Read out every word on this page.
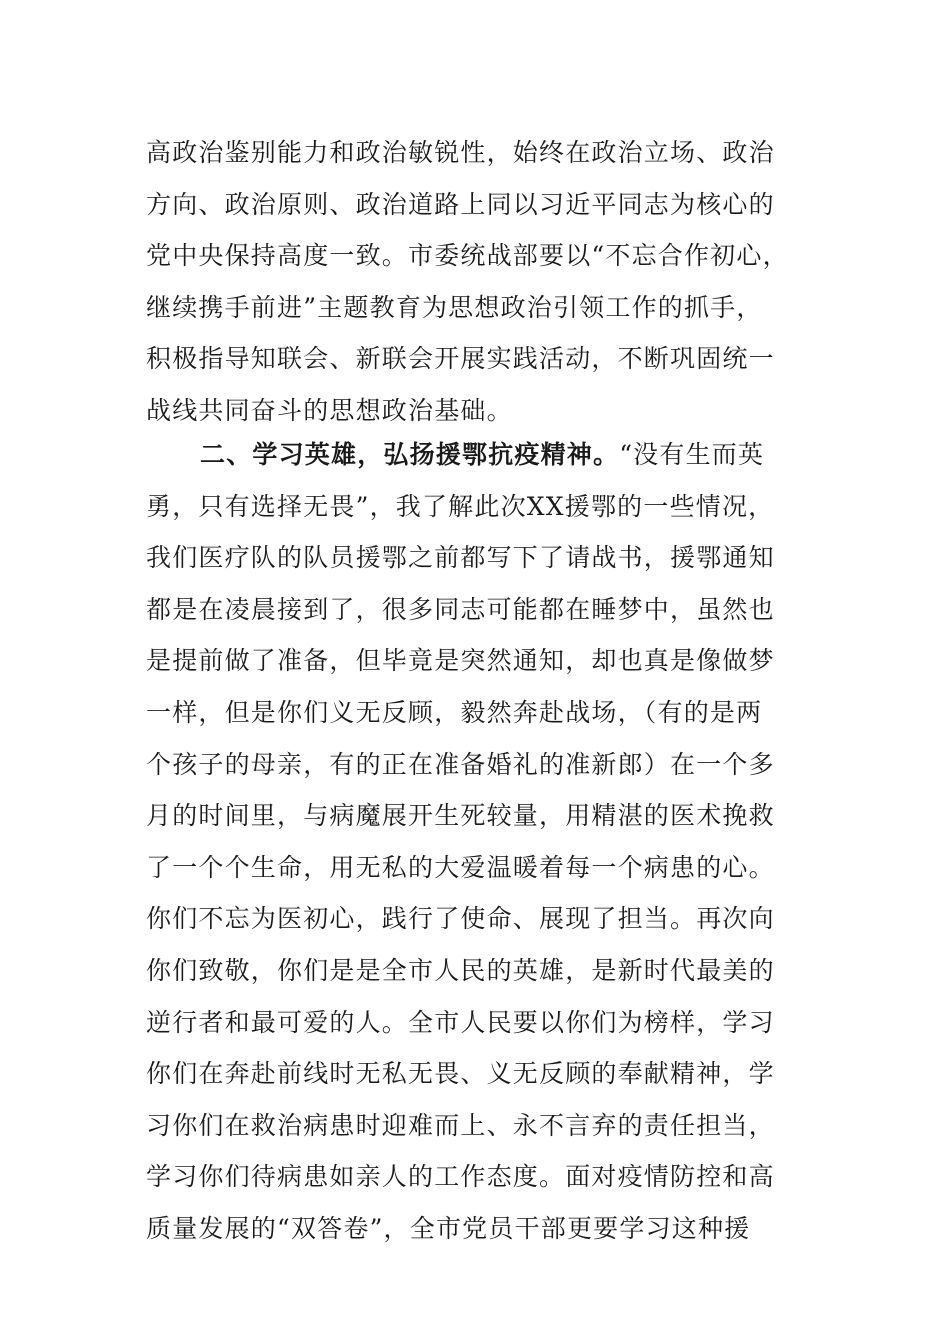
高政治鉴别能力和政治敏锐性，始终在政治立场、政治
方向、政治原则、政治道路上同以习近平同志为核心的
党中央保持高度一致。市委统战部要以“不忘合作初心，
继续携手前进”主题教育为思想政治引领工作的抓手，
积极指导知联会、新联会开展实践活动，不断巩固统一
战线共同奋斗的思想政治基础。
二、学习英雄，弘扬援鄂抗疫精神。“没有生而英
勇，只有选择无畏”，我了解此次XX援鄂的一些情况，
我们医疗队的队员援鄂之前都写下了请战书，援鄂通知
都是在凌晨接到了，很多同志可能都在睡梦中，虽然也
是提前做了准备，但毕竟是突然通知，却也真是像做梦
一样，但是你们义无反顾，毅然奔赴战场，（有的是两
个孩子的母亲，有的正在准备婚礼的准新郎）在一个多
月的时间里，与病魔展开生死较量，用精湛的医术挽救
了一个个生命，用无私的大爱温暖着每一个病患的心。
你们不忘为医初心，践行了使命、展现了担当。再次向
你们致敬，你们是是全市人民的英雄，是新时代最美的
逆行者和最可爱的人。全市人民要以你们为榜样，学习
你们在奔赴前线时无私无畏、义无反顾的奉献精神，学
习你们在救治病患时迎难而上、永不言弃的责任担当，
学习你们待病患如亲人的工作态度。面对疫情防控和高
质量发展的“双答卷”，全市党员干部更要学习这种援
